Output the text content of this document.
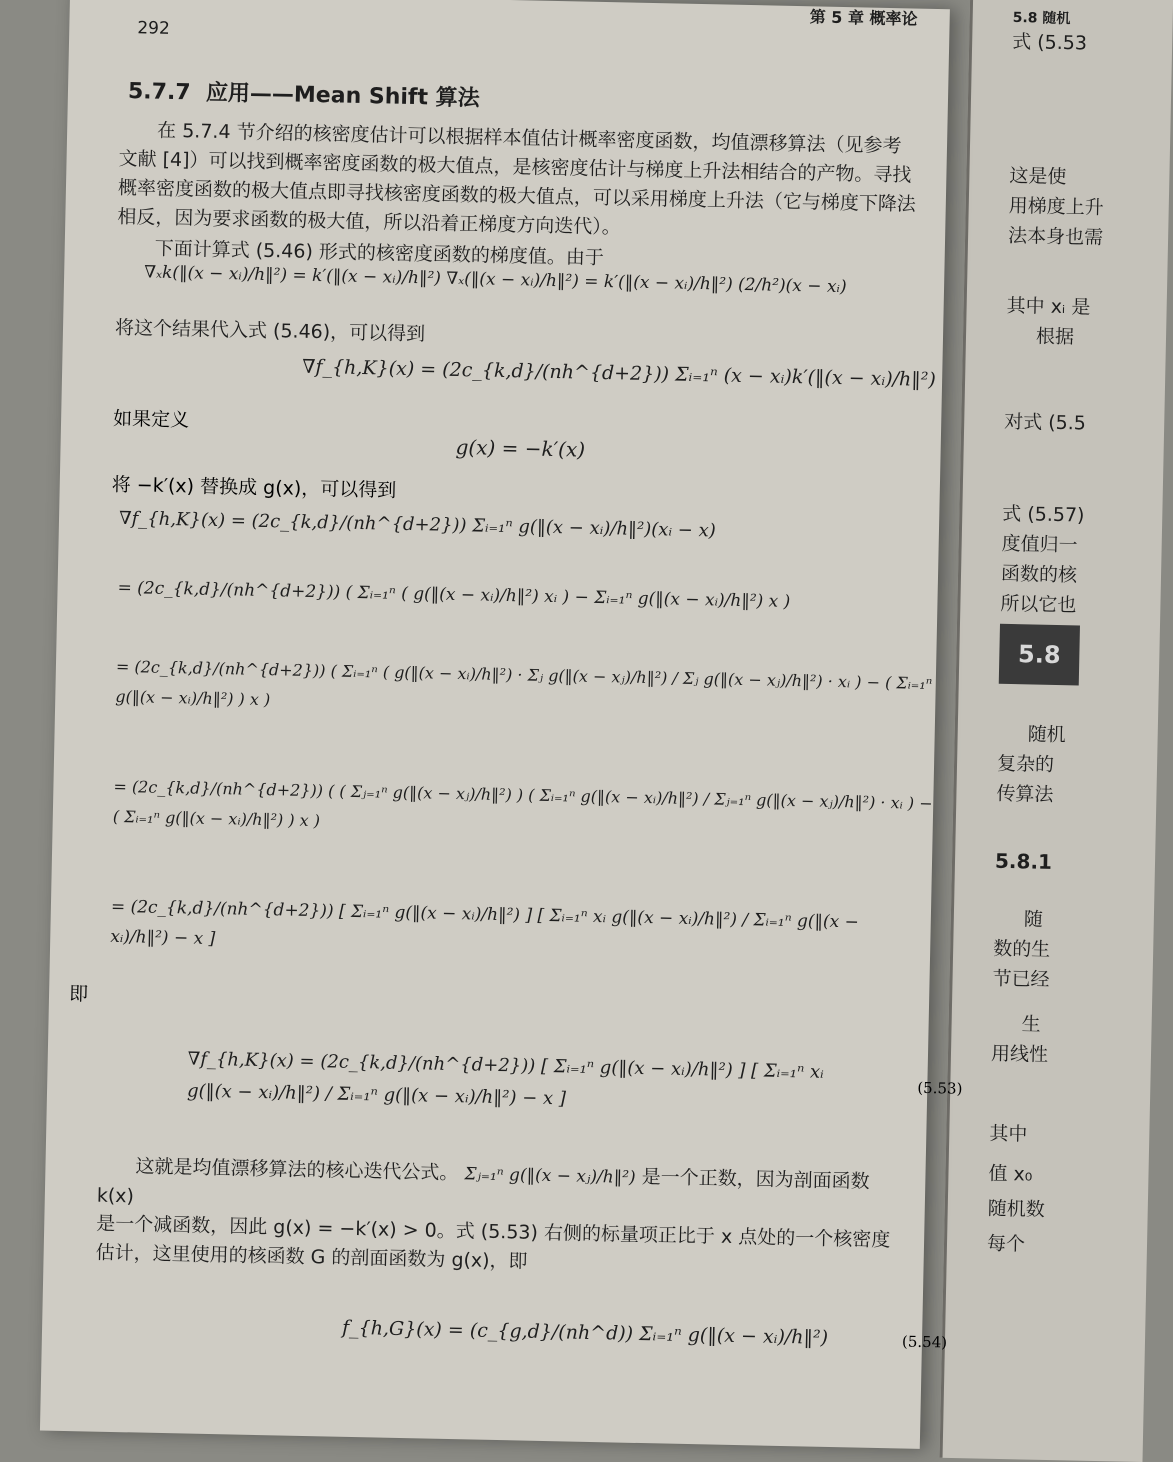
5.8 随机
式 (5.53
这是使
用梯度上升
法本身也需
其中 xᵢ 是
根据
对式 (5.5
式 (5.57)
度值归一
函数的核
所以它也
5.8
随机
复杂的
传算法
5.8.1
随
数的生
节已经
生
用线性
其中
值 x₀
随机数
每个
292
第 5 章 概率论
5.7.7 应用——Mean Shift 算法
在 5.7.4 节介绍的核密度估计可以根据样本值估计概率密度函数，均值漂移算法（见参考文献 [4]）可以找到概率密度函数的极大值点，是核密度估计与梯度上升法相结合的产物。寻找概率密度函数的极大值点即寻找核密度函数的极大值点，可以采用梯度上升法（它与梯度下降法相反，因为要求函数的极大值，所以沿着正梯度方向迭代）。
下面计算式 (5.46) 形式的核密度函数的梯度值。由于
∇ₓk(‖(x − xᵢ)/h‖²) = k′(‖(x − xᵢ)/h‖²) ∇ₓ(‖(x − xᵢ)/h‖²) = k′(‖(x − xᵢ)/h‖²) (2/h²)(x − xᵢ)
将这个结果代入式 (5.46)，可以得到
∇f_{h,K}(x) = (2c_{k,d}/(nh^{d+2})) Σᵢ₌₁ⁿ (x − xᵢ)k′(‖(x − xᵢ)/h‖²)
如果定义
g(x) = −k′(x)
将 −k′(x) 替换成 g(x)，可以得到
∇f_{h,K}(x) = (2c_{k,d}/(nh^{d+2})) Σᵢ₌₁ⁿ g(‖(x − xᵢ)/h‖²)(xᵢ − x)
= (2c_{k,d}/(nh^{d+2})) ( Σᵢ₌₁ⁿ ( g(‖(x − xᵢ)/h‖²) xᵢ ) − Σᵢ₌₁ⁿ g(‖(x − xᵢ)/h‖²) x )
= (2c_{k,d}/(nh^{d+2})) ( Σᵢ₌₁ⁿ ( g(‖(x − xᵢ)/h‖²) · Σⱼ g(‖(x − xⱼ)/h‖²) / Σⱼ g(‖(x − xⱼ)/h‖²) · xᵢ ) − ( Σᵢ₌₁ⁿ g(‖(x − xᵢ)/h‖²) ) x )
= (2c_{k,d}/(nh^{d+2})) ( ( Σⱼ₌₁ⁿ g(‖(x − xⱼ)/h‖²) ) ( Σᵢ₌₁ⁿ g(‖(x − xᵢ)/h‖²) / Σⱼ₌₁ⁿ g(‖(x − xⱼ)/h‖²) · xᵢ ) − ( Σᵢ₌₁ⁿ g(‖(x − xᵢ)/h‖²) ) x )
= (2c_{k,d}/(nh^{d+2})) [ Σᵢ₌₁ⁿ g(‖(x − xᵢ)/h‖²) ] [ Σᵢ₌₁ⁿ xᵢ g(‖(x − xᵢ)/h‖²) / Σᵢ₌₁ⁿ g(‖(x − xᵢ)/h‖²) − x ]
即
∇f_{h,K}(x) = (2c_{k,d}/(nh^{d+2})) [ Σᵢ₌₁ⁿ g(‖(x − xᵢ)/h‖²) ] [ Σᵢ₌₁ⁿ xᵢ g(‖(x − xᵢ)/h‖²) / Σᵢ₌₁ⁿ g(‖(x − xᵢ)/h‖²) − x ]	(5.53)
这就是均值漂移算法的核心迭代公式。 Σⱼ₌₁ⁿ g(‖(x − xⱼ)/h‖²) 是一个正数，因为剖面函数 k(x)
是一个减函数，因此 g(x) = −k′(x) > 0。式 (5.53) 右侧的标量项正比于 x 点处的一个核密度估计，这里使用的核函数 G 的剖面函数为 g(x)，即
f_{h,G}(x) = (c_{g,d}/(nh^d)) Σᵢ₌₁ⁿ g(‖(x − xᵢ)/h‖²)	(5.54)
